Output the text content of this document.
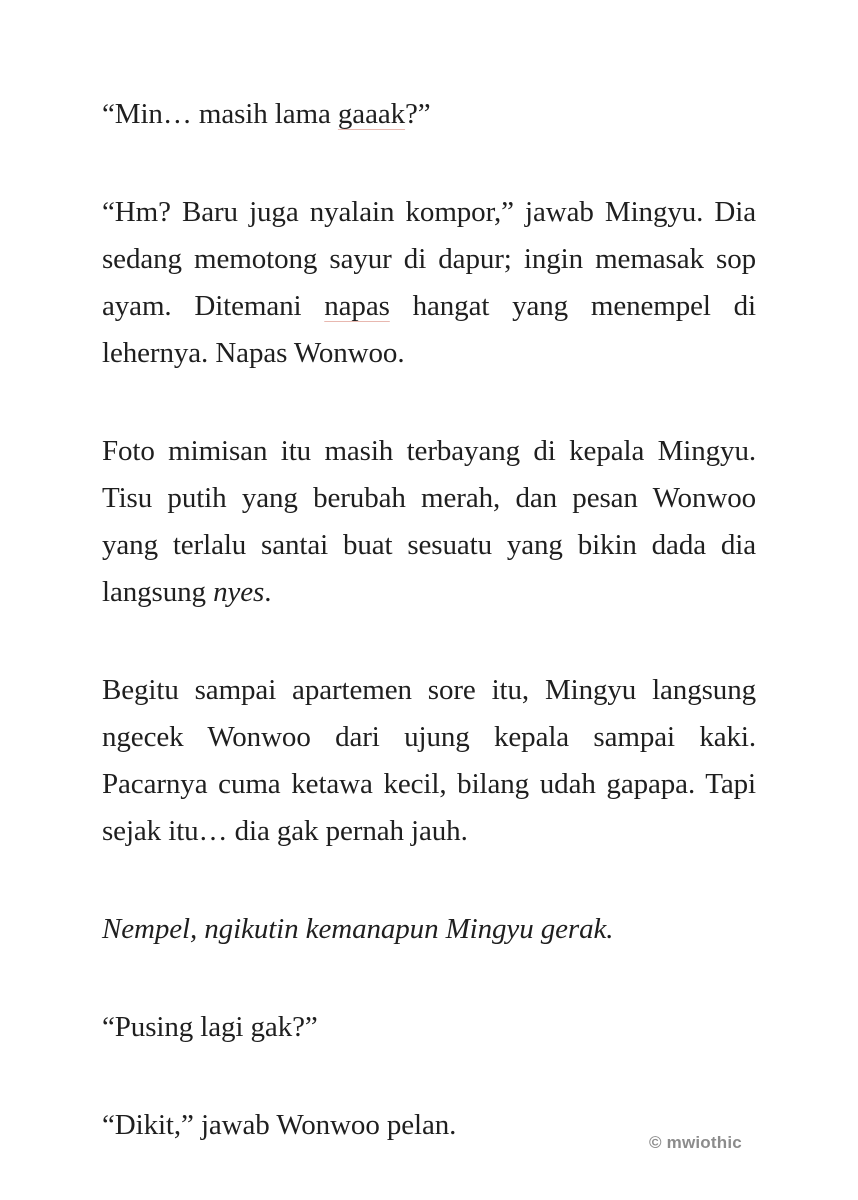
“Min… masih lama gaaak?”

“Hm? Baru juga nyalain kompor,” jawab Mingyu. Dia sedang memotong sayur di dapur; ingin memasak sop ayam. Ditemani napas hangat yang menempel di lehernya. Napas Wonwoo.

Foto mimisan itu masih terbayang di kepala Mingyu. Tisu putih yang berubah merah, dan pesan Wonwoo yang terlalu santai buat sesuatu yang bikin dada dia langsung nyes.

Begitu sampai apartemen sore itu, Mingyu langsung ngecek Wonwoo dari ujung kepala sampai kaki. Pacarnya cuma ketawa kecil, bilang udah gapapa. Tapi sejak itu… dia gak pernah jauh.

Nempel, ngikutin kemanapun Mingyu gerak.

“Pusing lagi gak?”

“Dikit,” jawab Wonwoo pelan.

© mwiothic
